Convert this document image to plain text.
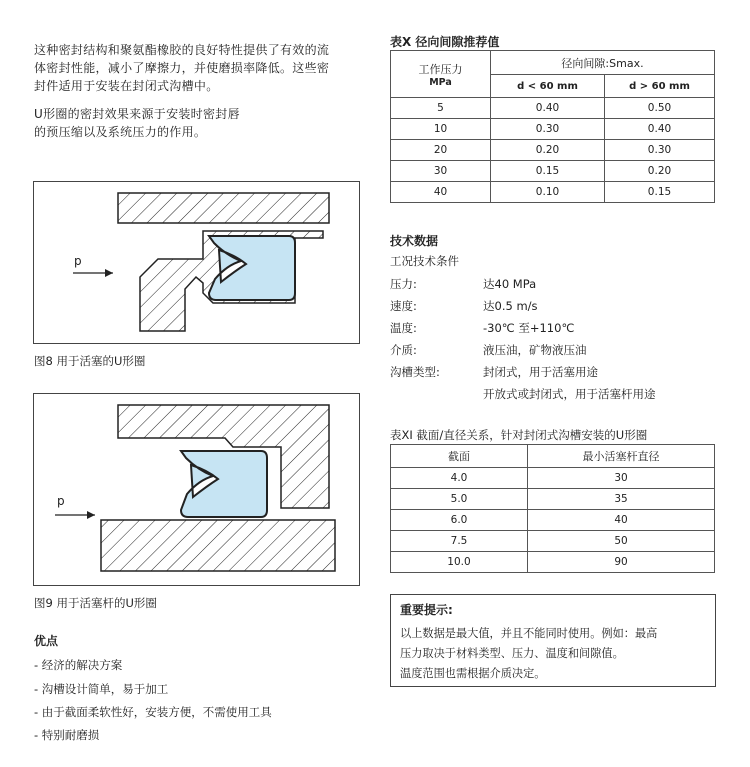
这种密封结构和聚氨酯橡胶的良好特性提供了有效的流
体密封性能，减小了摩擦力，并使磨损率降低。这些密
封件适用于安装在封闭式沟槽中。
U形圈的密封效果来源于安装时密封唇
的预压缩以及系统压力的作用。
p
图8 用于活塞的U形圈
p
图9 用于活塞杆的U形圈
优点
- 经济的解决方案
- 沟槽设计简单，易于加工
- 由于截面柔软性好，安装方便，不需使用工具
- 特别耐磨损
表X 径向间隙推荐值
工作压力
MPa	径向间隙:Smax.	
	d < 60 mm	d > 60 mm
5	0.40	0.50
10	0.30	0.40
20	0.20	0.30
30	0.15	0.20
40	0.10	0.15
技术数据
工况技术条件
压力:	达40 MPa
速度:	达0.5 m/s
温度:	-30℃ 至+110℃
介质:	液压油，矿物液压油
沟槽类型:	封闭式，用于活塞用途
开放式或封闭式，用于活塞杆用途
表XI 截面/直径关系，针对封闭式沟槽安装的U形圈
截面	最小活塞杆直径
4.0	30
5.0	35
6.0	40
7.5	50
10.0	90
重要提示:
以上数据是最大值，并且不能同时使用。例如：最高
压力取决于材料类型、压力、温度和间隙值。
温度范围也需根据介质决定。
